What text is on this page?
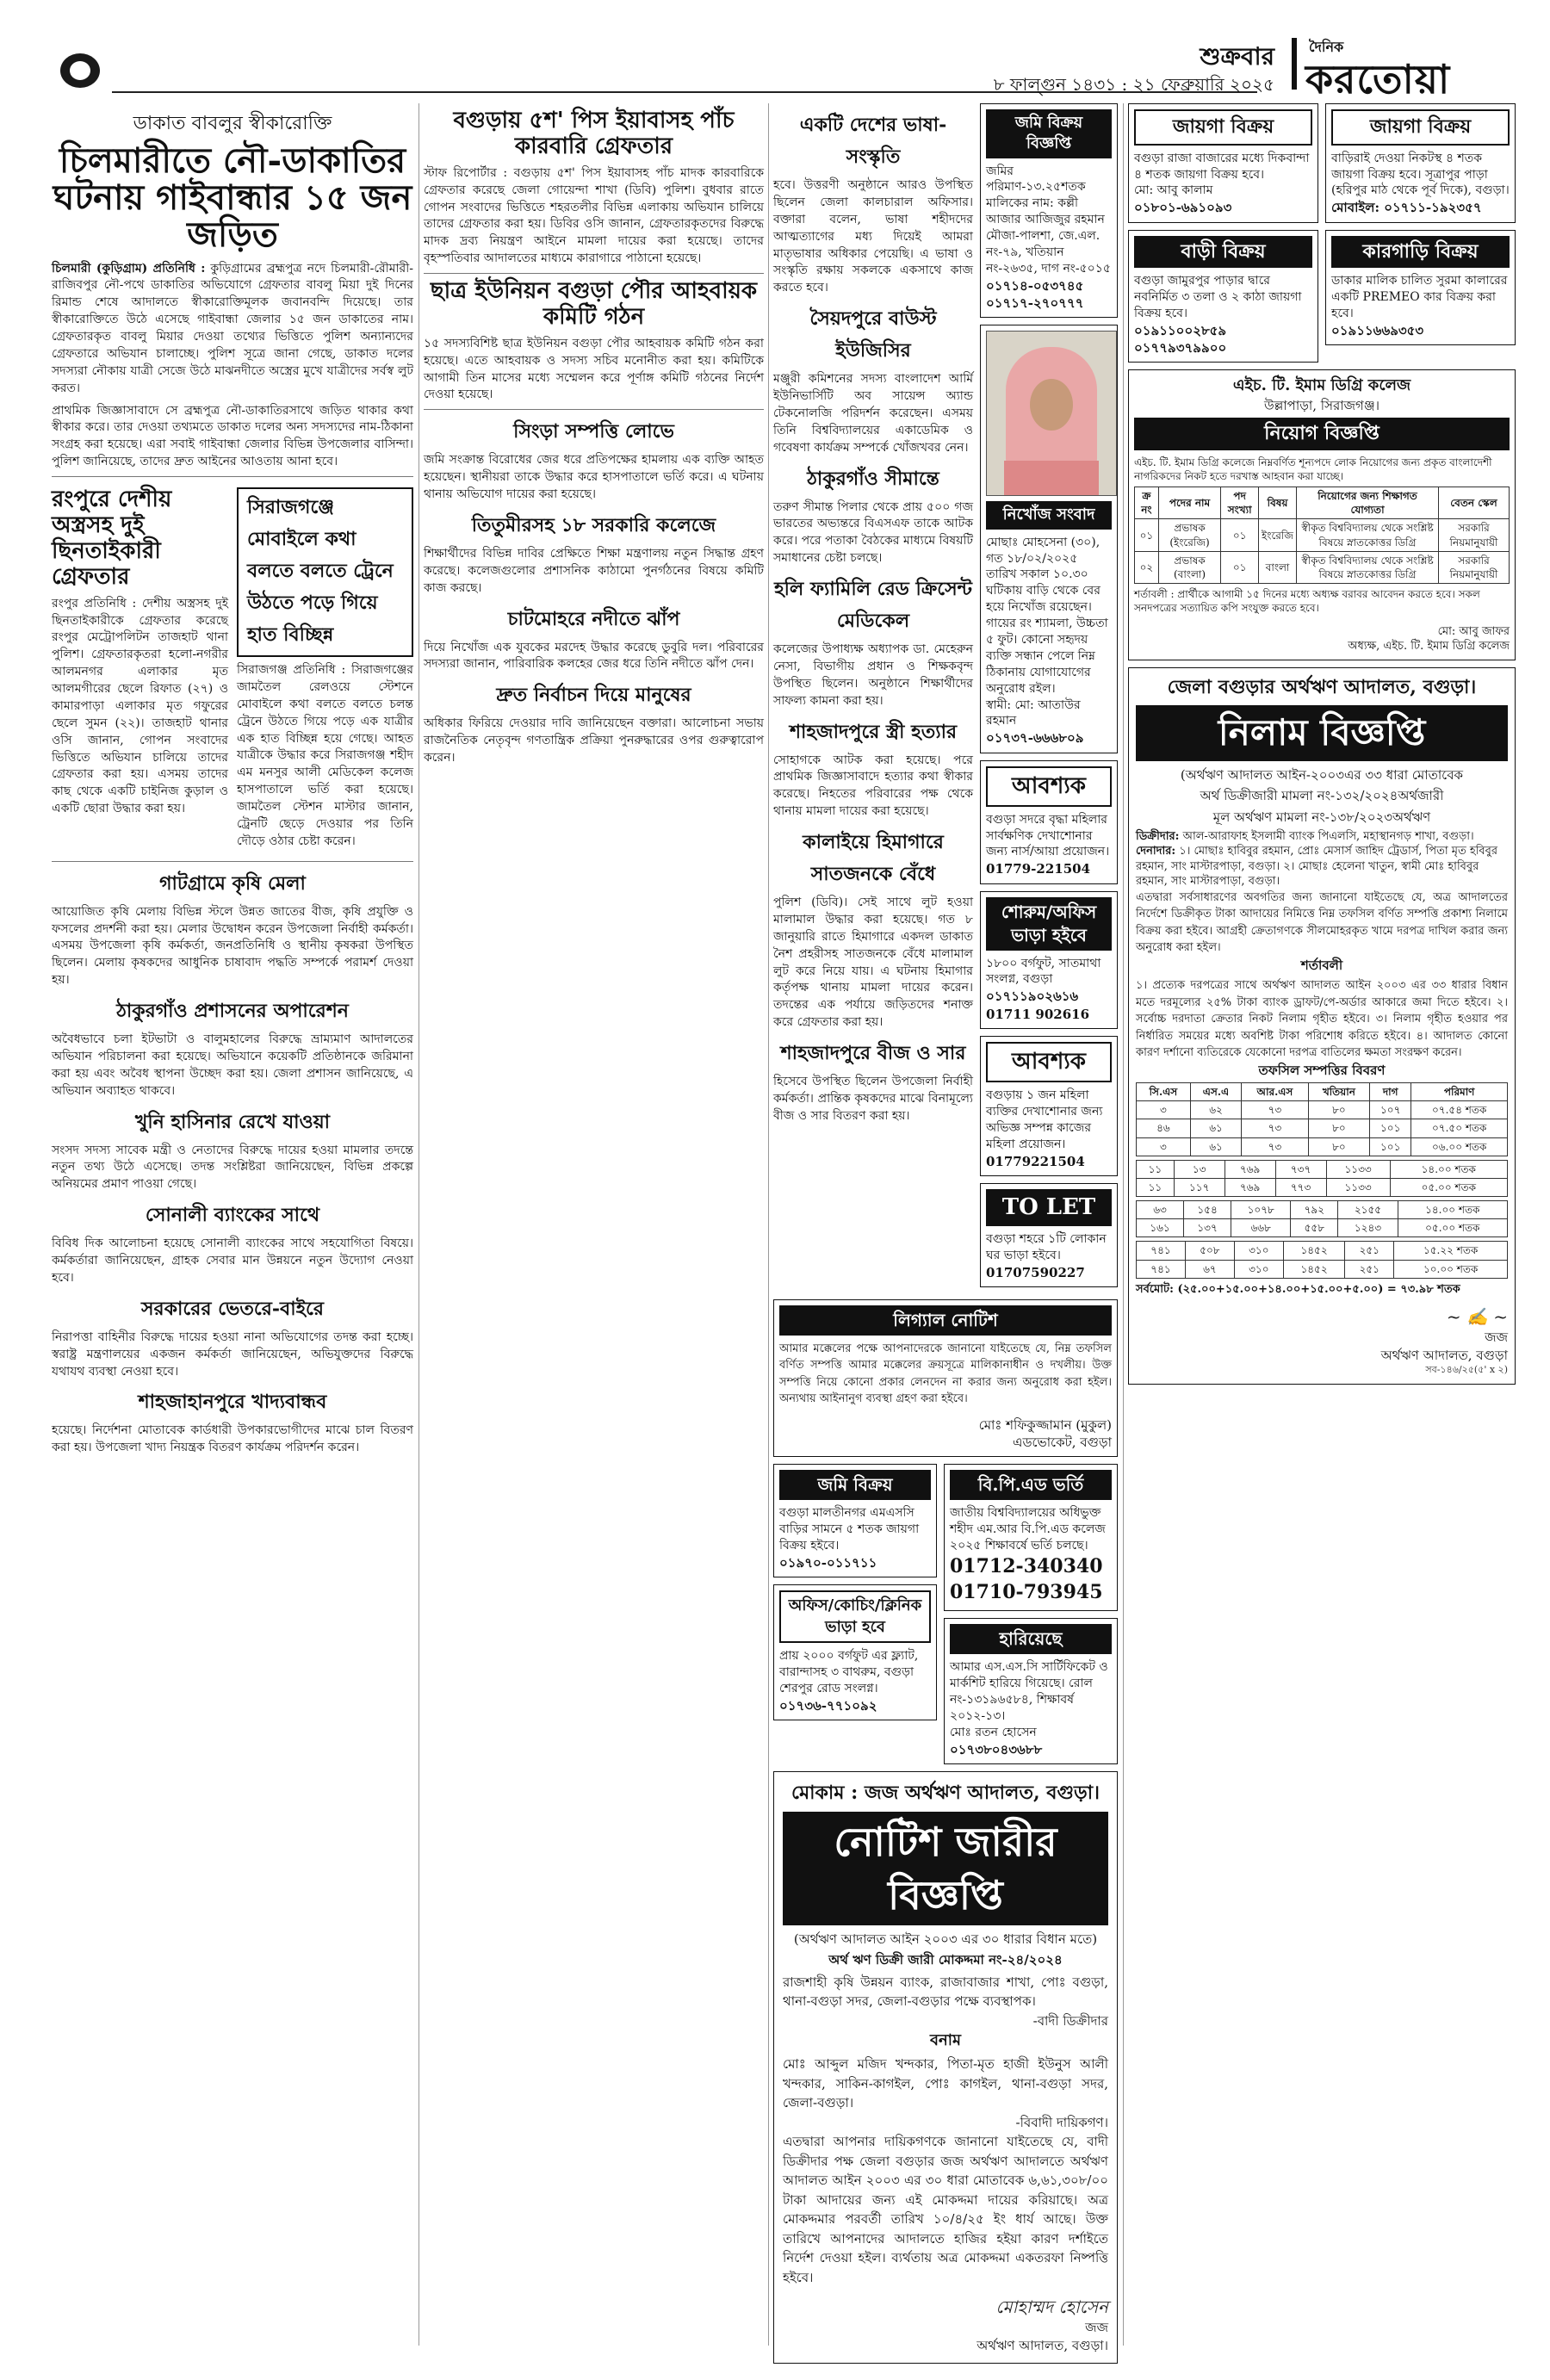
শুক্রবার
৮ ফাল্গুন ১৪৩১ : ২১ ফেব্রুয়ারি ২০২৫
দৈনিক
করতোয়া
ডাকাত বাবলুর স্বীকারোক্তি
চিলমারীতে নৌ-ডাকাতির ঘটনায় গাইবান্ধার ১৫ জন জড়িত

চিলমারী (কুড়িগ্রাম) প্রতিনিধি : কুড়িগ্রামের ব্রহ্মপুত্র নদে চিলমারী-রৌমারী-রাজিবপুর নৌ-পথে ডাকাতির অভিযোগে গ্রেফতার বাবলু মিয়া দুই দিনের রিমান্ড শেষে আদালতে স্বীকারোক্তিমূলক জবানবন্দি দিয়েছে। তার স্বীকারোক্তিতে উঠে এসেছে গাইবান্ধা জেলার ১৫ জন ডাকাতের নাম। গ্রেফতারকৃত বাবলু মিয়ার দেওয়া তথ্যের ভিত্তিতে পুলিশ অন্যান্যদের গ্রেফতারে অভিযান চালাচ্ছে। পুলিশ সূত্রে জানা গেছে, ডাকাত দলের সদস্যরা নৌকায় যাত্রী সেজে উঠে মাঝনদীতে অস্ত্রের মুখে যাত্রীদের সর্বস্ব লুট করত।

প্রাথমিক জিজ্ঞাসাবাদে সে ব্রহ্মপুত্র নৌ-ডাকাতিরসাথে জড়িত থাকার কথা স্বীকার করে। তার দেওয়া তথ্যমতে ডাকাত দলের অন্য সদস্যদের নাম-ঠিকানা সংগ্রহ করা হয়েছে। এরা সবাই গাইবান্ধা জেলার বিভিন্ন উপজেলার বাসিন্দা। পুলিশ জানিয়েছে, তাদের দ্রুত আইনের আওতায় আনা হবে।

রংপুরে দেশীয় অস্ত্রসহ দুই ছিনতাইকারী গ্রেফতার

রংপুর প্রতিনিধি : দেশীয় অস্ত্রসহ দুই ছিনতাইকারীকে গ্রেফতার করেছে রংপুর মেট্রোপলিটন তাজহাট থানা পুলিশ। গ্রেফতারকৃতরা হলো-নগরীর আলমনগর এলাকার মৃত আলমগীরের ছেলে রিফাত (২৭) ও কামারপাড়া এলাকার মৃত গফুরের ছেলে সুমন (২২)। তাজহাট থানার ওসি জানান, গোপন সংবাদের ভিত্তিতে অভিযান চালিয়ে তাদের গ্রেফতার করা হয়। এসময় তাদের কাছ থেকে একটি চাইনিজ কুড়াল ও একটি ছোরা উদ্ধার করা হয়।

সিরাজগঞ্জে মোবাইলে কথা বলতে বলতে ট্রেনে উঠতে পড়ে গিয়ে হাত বিচ্ছিন্ন

সিরাজগঞ্জ প্রতিনিধি : সিরাজগঞ্জের জামতৈল রেলওয়ে স্টেশনে মোবাইলে কথা বলতে বলতে চলন্ত ট্রেনে উঠতে গিয়ে পড়ে এক যাত্রীর এক হাত বিচ্ছিন্ন হয়ে গেছে। আহত যাত্রীকে উদ্ধার করে সিরাজগঞ্জ শহীদ এম মনসুর আলী মেডিকেল কলেজ হাসপাতালে ভর্তি করা হয়েছে। জামতৈল স্টেশন মাস্টার জানান, ট্রেনটি ছেড়ে দেওয়ার পর তিনি দৌড়ে ওঠার চেষ্টা করেন।

গাটগ্রামে কৃষি মেলা

আয়োজিত কৃষি মেলায় বিভিন্ন স্টলে উন্নত জাতের বীজ, কৃষি প্রযুক্তি ও ফসলের প্রদর্শনী করা হয়। মেলার উদ্বোধন করেন উপজেলা নির্বাহী কর্মকর্তা। এসময় উপজেলা কৃষি কর্মকর্তা, জনপ্রতিনিধি ও স্থানীয় কৃষকরা উপস্থিত ছিলেন। মেলায় কৃষকদের আধুনিক চাষাবাদ পদ্ধতি সম্পর্কে পরামর্শ দেওয়া হয়।

ঠাকুরগাঁও প্রশাসনের অপারেশন

অবৈধভাবে চলা ইটভাটা ও বালুমহালের বিরুদ্ধে ভ্রাম্যমাণ আদালতের অভিযান পরিচালনা করা হয়েছে। অভিযানে কয়েকটি প্রতিষ্ঠানকে জরিমানা করা হয় এবং অবৈধ স্থাপনা উচ্ছেদ করা হয়। জেলা প্রশাসন জানিয়েছে, এ অভিযান অব্যাহত থাকবে।

খুনি হাসিনার রেখে যাওয়া

সংসদ সদস্য সাবেক মন্ত্রী ও নেতাদের বিরুদ্ধে দায়ের হওয়া মামলার তদন্তে নতুন তথ্য উঠে এসেছে। তদন্ত সংশ্লিষ্টরা জানিয়েছেন, বিভিন্ন প্রকল্পে অনিয়মের প্রমাণ পাওয়া গেছে।

সোনালী ব্যাংকের সাথে

বিবিধ দিক আলোচনা হয়েছে সোনালী ব্যাংকের সাথে সহযোগিতা বিষয়ে। কর্মকর্তারা জানিয়েছেন, গ্রাহক সেবার মান উন্নয়নে নতুন উদ্যোগ নেওয়া হবে।

সরকারের ভেতরে-বাইরে

নিরাপত্তা বাহিনীর বিরুদ্ধে দায়ের হওয়া নানা অভিযোগের তদন্ত করা হচ্ছে। স্বরাষ্ট্র মন্ত্রণালয়ের একজন কর্মকর্তা জানিয়েছেন, অভিযুক্তদের বিরুদ্ধে যথাযথ ব্যবস্থা নেওয়া হবে।

শাহজাহানপুরে খাদ্যবান্ধব

হয়েছে। নির্দেশনা মোতাবেক কার্ডধারী উপকারভোগীদের মাঝে চাল বিতরণ করা হয়। উপজেলা খাদ্য নিয়ন্ত্রক বিতরণ কার্যক্রম পরিদর্শন করেন।

বগুড়ায় ৫শ' পিস ইয়াবাসহ পাঁচ কারবারি গ্রেফতার

স্টাফ রিপোর্টার : বগুড়ায় ৫শ' পিস ইয়াবাসহ পাঁচ মাদক কারবারিকে গ্রেফতার করেছে জেলা গোয়েন্দা শাখা (ডিবি) পুলিশ। বুধবার রাতে গোপন সংবাদের ভিত্তিতে শহরতলীর বিভিন্ন এলাকায় অভিযান চালিয়ে তাদের গ্রেফতার করা হয়। ডিবির ওসি জানান, গ্রেফতারকৃতদের বিরুদ্ধে মাদক দ্রব্য নিয়ন্ত্রণ আইনে মামলা দায়ের করা হয়েছে। তাদের বৃহস্পতিবার আদালতের মাধ্যমে কারাগারে পাঠানো হয়েছে।

ছাত্র ইউনিয়ন বগুড়া পৌর আহবায়ক কমিটি গঠন

১৫ সদস্যবিশিষ্ট ছাত্র ইউনিয়ন বগুড়া পৌর আহবায়ক কমিটি গঠন করা হয়েছে। এতে আহবায়ক ও সদস্য সচিব মনোনীত করা হয়। কমিটিকে আগামী তিন মাসের মধ্যে সম্মেলন করে পূর্ণাঙ্গ কমিটি গঠনের নির্দেশ দেওয়া হয়েছে।

সিংড়া সম্পত্তি লোভে

জমি সংক্রান্ত বিরোধের জের ধরে প্রতিপক্ষের হামলায় এক ব্যক্তি আহত হয়েছেন। স্থানীয়রা তাকে উদ্ধার করে হাসপাতালে ভর্তি করে। এ ঘটনায় থানায় অভিযোগ দায়ের করা হয়েছে।

তিতুমীরসহ ১৮ সরকারি কলেজে

শিক্ষার্থীদের বিভিন্ন দাবির প্রেক্ষিতে শিক্ষা মন্ত্রণালয় নতুন সিদ্ধান্ত গ্রহণ করেছে। কলেজগুলোর প্রশাসনিক কাঠামো পুনর্গঠনের বিষয়ে কমিটি কাজ করছে।

চাটমোহরে নদীতে ঝাঁপ

দিয়ে নিখোঁজ এক যুবকের মরদেহ উদ্ধার করেছে ডুবুরি দল। পরিবারের সদস্যরা জানান, পারিবারিক কলহের জের ধরে তিনি নদীতে ঝাঁপ দেন।

দ্রুত নির্বাচন দিয়ে মানুষের

অধিকার ফিরিয়ে দেওয়ার দাবি জানিয়েছেন বক্তারা। আলোচনা সভায় রাজনৈতিক নেতৃবৃন্দ গণতান্ত্রিক প্রক্রিয়া পুনরুদ্ধারের ওপর গুরুত্বারোপ করেন।

একটি দেশের ভাষা-সংস্কৃতি

হবে। উত্তরণী অনুষ্ঠানে আরও উপস্থিত ছিলেন জেলা কালচারাল অফিসার। বক্তারা বলেন, ভাষা শহীদদের আত্মত্যাগের মধ্য দিয়েই আমরা মাতৃভাষার অধিকার পেয়েছি। এ ভাষা ও সংস্কৃতি রক্ষায় সকলকে একসাথে কাজ করতে হবে।

সৈয়দপুরে বাউস্ট ইউজিসির

মঞ্জুরী কমিশনের সদস্য বাংলাদেশ আর্মি ইউনিভার্সিটি অব সায়েন্স অ্যান্ড টেকনোলজি পরিদর্শন করেছেন। এসময় তিনি বিশ্ববিদ্যালয়ের একাডেমিক ও গবেষণা কার্যক্রম সম্পর্কে খোঁজখবর নেন।

ঠাকুরগাঁও সীমান্তে

তরুণ সীমান্ত পিলার থেকে প্রায় ৫০০ গজ ভারতের অভ্যন্তরে বিএসএফ তাকে আটক করে। পরে পতাকা বৈঠকের মাধ্যমে বিষয়টি সমাধানের চেষ্টা চলছে।

হলি ফ্যামিলি রেড ক্রিসেন্ট মেডিকেল

কলেজের উপাধ্যক্ষ অধ্যাপক ডা. মেহেরুন নেসা, বিভাগীয় প্রধান ও শিক্ষকবৃন্দ উপস্থিত ছিলেন। অনুষ্ঠানে শিক্ষার্থীদের সাফল্য কামনা করা হয়।

শাহজাদপুরে স্ত্রী হত্যার

সোহাগকে আটক করা হয়েছে। পরে প্রাথমিক জিজ্ঞাসাবাদে হত্যার কথা স্বীকার করেছে। নিহতের পরিবারের পক্ষ থেকে থানায় মামলা দায়ের করা হয়েছে।

কালাইয়ে হিমাগারে সাতজনকে বেঁধে

পুলিশ (ডিবি)। সেই সাথে লুট হওয়া মালামাল উদ্ধার করা হয়েছে। গত ৮ জানুয়ারি রাতে হিমাগারে একদল ডাকাত নৈশ প্রহরীসহ সাতজনকে বেঁধে মালামাল লুট করে নিয়ে যায়। এ ঘটনায় হিমাগার কর্তৃপক্ষ থানায় মামলা দায়ের করেন। তদন্তের এক পর্যায়ে জড়িতদের শনাক্ত করে গ্রেফতার করা হয়।

শাহজাদপুরে বীজ ও সার

হিসেবে উপস্থিত ছিলেন উপজেলা নির্বাহী কর্মকর্তা। প্রান্তিক কৃষকদের মাঝে বিনামূল্যে বীজ ও সার বিতরণ করা হয়।

জমি বিক্রয় বিজ্ঞপ্তি
জমির পরিমাণ-১৩.২৫শতক
মালিকের নাম: কল্লী আজার আজিজুর রহমান
মৌজা-পালশা, জে.এল. নং-৭৯, খতিয়ান নং-২৬৩৫, দাগ নং-৫০১৫
০১৭১৪-০৫৩৭৪৫
০১৭১৭-২৭০৭৭৭
নিখোঁজ সংবাদ
মোছাঃ মোহসেনা (৩০), গত ১৮/০২/২০২৫ তারিখ সকাল ১০.৩০ ঘটিকায় বাড়ি থেকে বের হয়ে নিখোঁজ রয়েছেন। গায়ের রং শ্যামলা, উচ্চতা ৫ ফুট। কোনো সহৃদয় ব্যক্তি সন্ধান পেলে নিম্ন ঠিকানায় যোগাযোগের অনুরোধ রইল।
স্বামী: মো: আতাউর রহমান
০১৭৩৭-৬৬৬৮০৯
আবশ্যক
বগুড়া সদরে বৃদ্ধা মহিলার সার্বক্ষণিক দেখাশোনার জন্য নার্স/আয়া প্রয়োজন।
01779-221504
শোরুম/অফিস ভাড়া হইবে
১৮০০ বর্গফুট, সাতমাথা সংলগ্ন, বগুড়া
০১৭১১৯০২৬১৬
01711 902616
আবশ্যক
বগুড়ায় ১ জন মহিলা ব্যক্তির দেখাশোনার জন্য অভিজ্ঞ সম্পন্ন কাজের মহিলা প্রয়োজন।
01779221504
TO LET
বগুড়া শহরে ১টি লোকান ঘর ভাড়া হইবে।
01707590227
লিগ্যাল নোটিশ
আমার মক্কেলের পক্ষে আপনাদেরকে জানানো যাইতেছে যে, নিম্ন তফসিল বর্ণিত সম্পত্তি আমার মক্কেলের ক্রয়সূত্রে মালিকানাধীন ও দখলীয়। উক্ত সম্পত্তি নিয়ে কোনো প্রকার লেনদেন না করার জন্য অনুরোধ করা হইল। অন্যথায় আইনানুগ ব্যবস্থা গ্রহণ করা হইবে।
মোঃ শফিকুজ্জামান (মুকুল)
এডভোকেট, বগুড়া
জমি বিক্রয়
বগুড়া মালতীনগর এমএসসি বাড়ির সামনে ৫ শতক জায়গা বিক্রয় হইবে।
০১৯৭০-০১১৭১১
অফিস/কোচিং/ক্লিনিক ভাড়া হবে
প্রায় ২০০০ বর্গফুট এর ফ্ল্যাট, বারান্দাসহ ৩ বাথরুম, বগুড়া শেরপুর রোড সংলগ্ন।
০১৭৩৬-৭৭১০৯২
বি.পি.এড ভর্তি
জাতীয় বিশ্ববিদ্যালয়ের অধিভুক্ত শহীদ এম.আর বি.পি.এড কলেজ ২০২৫ শিক্ষাবর্ষে ভর্তি চলছে।
01712-340340
01710-793945
হারিয়েছে
আমার এস.এস.সি সার্টিফিকেট ও মার্কশিট হারিয়ে গিয়েছে। রোল নং-১৩১৯৬৫৮৪, শিক্ষাবর্ষ ২০১২-১৩।
মোঃ রতন হোসেন
০১৭৩৮০৪৩৬৮৮
মোকাম : জজ অর্থঋণ আদালত, বগুড়া।
নোটিশ জারীর বিজ্ঞপ্তি
(অর্থঋণ আদালত আইন ২০০৩ এর ৩০ ধারার বিধান মতে)
অর্থ ঋণ ডিক্রী জারী মোকদ্দমা নং-২৪/২০২৪
রাজশাহী কৃষি উন্নয়ন ব্যাংক, রাজাবাজার শাখা, পোঃ বগুড়া, থানা-বগুড়া সদর, জেলা-বগুড়ার পক্ষে ব্যবস্থাপক।
-বাদী ডিক্রীদার
বনাম
মোঃ আব্দুল মজিদ খন্দকার, পিতা-মৃত হাজী ইউনুস আলী খন্দকার, সাকিন-কাগইল, পোঃ কাগইল, থানা-বগুড়া সদর, জেলা-বগুড়া।
-বিবাদী দায়িকগণ।
এতদ্বারা আপনার দায়িকগণকে জানানো যাইতেছে যে, বাদী ডিক্রীদার পক্ষ জেলা বগুড়ার জজ অর্থঋণ আদালতে অর্থঋণ আদালত আইন ২০০৩ এর ৩০ ধারা মোতাবেক ৬,৬১,৩০৮/০০ টাকা আদায়ের জন্য এই মোকদ্দমা দায়ের করিয়াছে। অত্র মোকদ্দমার পরবর্তী তারিখ ১০/৪/২৫ ইং ধার্য আছে। উক্ত তারিখে আপনাদের আদালতে হাজির হইয়া কারণ দর্শাইতে নির্দেশ দেওয়া হইল। ব্যর্থতায় অত্র মোকদ্দমা একতরফা নিষ্পত্তি হইবে।
মোহাম্মদ হোসেন
জজ
অর্থঋণ আদালত, বগুড়া।
জায়গা বিক্রয়
বগুড়া রাজা বাজারের মধ্যে দিকবান্দা ৪ শতক জায়গা বিক্রয় হবে।
মো: আবু কালাম
০১৮০১-৬৯১০৯৩
বাড়ী বিক্রয়
বগুড়া জামুরপুর পাড়ার দ্বারে নবনির্মিত ৩ তলা ও ২ কাঠা জায়গা বিক্রয় হবে।
০১৯১১০০২৮৫৯
০১৭৭৯৩৭৯৯০০
জায়গা বিক্রয়
বাড়িরাই দেওয়া নিকটস্থ ৪ শতক জায়গা বিক্রয় হবে। সূত্রাপুর পাড়া (হরিপুর মাঠ থেকে পূর্ব দিকে), বগুড়া।
মোবাইল: ০১৭১১-১৯২৩৫৭
কারগাড়ি বিক্রয়
ডাকার মালিক চালিত সুরমা কালারের একটি PREMEO কার বিক্রয় করা হবে।
০১৯১১৬৬৯৩৫৩
এইচ. টি. ইমাম ডিগ্রি কলেজ
উল্লাপাড়া, সিরাজগঞ্জ।
নিয়োগ বিজ্ঞপ্তি
এইচ. টি. ইমাম ডিগ্রি কলেজে নিম্নবর্ণিত শূন্যপদে লোক নিয়োগের জন্য প্রকৃত বাংলাদেশী নাগরিকদের নিকট হতে দরখাস্ত আহবান করা যাচ্ছে।
ক্র নং	পদের নাম	পদ সংখ্যা	বিষয়	নিয়োগের জন্য শিক্ষাগত যোগ্যতা	বেতন স্কেল
০১	প্রভাষক (ইংরেজি)	০১	ইংরেজি	স্বীকৃত বিশ্ববিদ্যালয় থেকে সংশ্লিষ্ট বিষয়ে স্নাতকোত্তর ডিগ্রি	সরকারি নিয়মানুযায়ী
০২	প্রভাষক (বাংলা)	০১	বাংলা	স্বীকৃত বিশ্ববিদ্যালয় থেকে সংশ্লিষ্ট বিষয়ে স্নাতকোত্তর ডিগ্রি	সরকারি নিয়মানুযায়ী
শর্তাবলী : প্রার্থীকে আগামী ১৫ দিনের মধ্যে অধ্যক্ষ বরাবর আবেদন করতে হবে। সকল সনদপত্রের সত্যায়িত কপি সংযুক্ত করতে হবে।
মো: আবু জাফর
অধ্যক্ষ, এইচ. টি. ইমাম ডিগ্রি কলেজ
জেলা বগুড়ার অর্থঋণ আদালত, বগুড়া।
নিলাম বিজ্ঞপ্তি
(অর্থঋণ আদালত আইন-২০০৩এর ৩৩ ধারা মোতাবেক
অর্থ ডিক্রীজারী মামলা নং-১৩২/২০২৪অর্থজারী
মূল অর্থঋণ মামলা নং-১৩৮/২০২৩অর্থঋণ
ডিক্রীদার: আল-আরাফাহ ইসলামী ব্যাংক পিএলসি, মহাস্থানগড় শাখা, বগুড়া।
দেনাদার: ১। মোছাঃ হাবিবুর রহমান, প্রোঃ মেসার্স জাহিদ ট্রেডার্স, পিতা মৃত হবিবুর রহমান, সাং মাস্টারপাড়া, বগুড়া। ২। মোছাঃ হেলেনা খাতুন, স্বামী মোঃ হাবিবুর রহমান, সাং মাস্টারপাড়া, বগুড়া।
এতদ্বারা সর্বসাধারণের অবগতির জন্য জানানো যাইতেছে যে, অত্র আদালতের নির্দেশে ডিক্রীকৃত টাকা আদায়ের নিমিত্তে নিম্ন তফসিল বর্ণিত সম্পত্তি প্রকাশ্য নিলামে বিক্রয় করা হইবে। আগ্রহী ক্রেতাগণকে সীলমোহরকৃত খামে দরপত্র দাখিল করার জন্য অনুরোধ করা হইল।
শর্তাবলী
১। প্রত্যেক দরপত্রের সাথে অর্থঋণ আদালত আইন ২০০৩ এর ৩৩ ধারার বিধান মতে দরমূল্যের ২৫% টাকা ব্যাংক ড্রাফট/পে-অর্ডার আকারে জমা দিতে হইবে। ২। সর্বোচ্চ দরদাতা ক্রেতার নিকট নিলাম গৃহীত হইবে। ৩। নিলাম গৃহীত হওয়ার পর নির্ধারিত সময়ের মধ্যে অবশিষ্ট টাকা পরিশোধ করিতে হইবে। ৪। আদালত কোনো কারণ দর্শানো ব্যতিরেকে যেকোনো দরপত্র বাতিলের ক্ষমতা সংরক্ষণ করেন।
তফসিল সম্পত্তির বিবরণ
সি.এস	এস.এ	আর.এস	খতিয়ান	দাগ	পরিমাণ
৩	৬২	৭৩	৮০	১০৭	০৭.৫৪ শতক
৪৬	৬১	৭৩	৮০	১০১	০৭.৫০ শতক
৩	৬১	৭৩	৮০	১০১	০৬.০০ শতক
১১	১৩	৭৬৯	৭৩৭	১১৩৩	১৪.০০ শতক
১১	১১৭	৭৬৯	৭৭৩	১১৩৩	০৫.০০ শতক
৬৩	১৫৪	১০৭৮	৭৯২	২১৫৫	১৪.০০ শতক
১৬১	১৩৭	৬৬৮	৫৫৮	১২৪৩	০৫.০০ শতক
৭৪১	৫০৮	৩১০	১৪৫২	২৫১	১৫.২২ শতক
৭৪১	৬৭	৩১০	১৪৫২	২৫১	১০.০০ শতক
সর্বমোট: (২৫.০০+১৫.০০+১৪.০০+১৫.০০+৫.০০) = ৭৩.৯৮ শতক
~ ✍ ~
জজ
অর্থঋণ আদালত, বগুড়া
সব-১৪৬/২৫(৫' x ২)
